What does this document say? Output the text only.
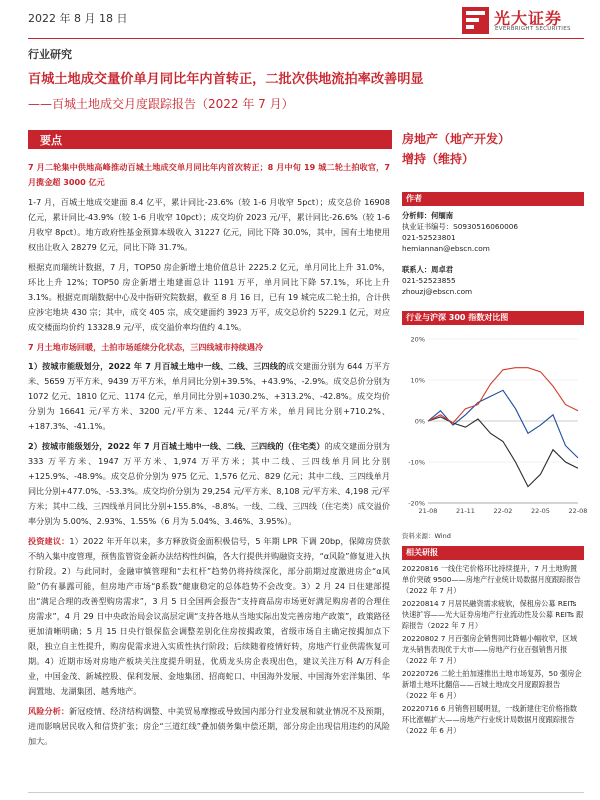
2022 年 8 月 18 日	光大证券
EVERBRIGHT SECURITIES
行业研究
百城土地成交量价单月同比年内首转正，二批次供地流拍率改善明显
——百城土地成交月度跟踪报告（2022 年 7 月）
要点

7 月二轮集中供地高峰推动百城土地成交单月同比年内首次转正；8 月中旬 19 城二轮土拍收官，7 月揽金超 3000 亿元

1-7 月，百城土地成交建面 8.4 亿平，累计同比-23.6%（较 1-6 月收窄 5pct）；成交总价 16908 亿元，累计同比-43.9%（较 1-6 月收窄 10pct）；成交均价 2023 元/平，累计同比-26.6%（较 1-6 月收窄 8pct）。地方政府性基金预算本级收入 31227 亿元，同比下降 30.0%，其中，国有土地使用权出让收入 28279 亿元，同比下降 31.7%。

根据克而瑞统计数据，7 月，TOP50 房企新增土地价值总计 2225.2 亿元，单月同比上升 31.0%，环比上升 12%；TOP50 房企新增土地建面总计 1191 万平，单月同比下降 57.1%，环比上升 3.1%。根据克而瑞数据中心及中指研究院数据，截至 8 月 16 日，已有 19 城完成二轮土拍，合计供应涉宅地块 430 宗；其中，成交 405 宗，成交建面约 3923 万平，成交总价约 5229.1 亿元，对应成交楼面均价约 13328.9 元/平，成交溢价率均值约 4.1%。

7 月土地市场回暖，土拍市场延续分化状态，三四线城市持续遇冷

1）按城市能级划分，2022 年 7 月百城土地中一线、二线、三四线的成交建面分别为 644 万平方米、5659 万平方米、9439 万平方米，单月同比分别+39.5%、+43.9%、-2.9%。成交总价分别为 1072 亿元、1810 亿元、1174 亿元，单月同比分别+1030.2%、+313.2%、-42.8%。成交均价分别为 16641 元/平方米、3200 元/平方米、1244 元/平方米，单月同比分别+710.2%、+187.3%、-41.1%。

2）按城市能级划分，2022 年 7 月百城土地中一线、二线、三四线的（住宅类）的成交建面分别为 333 万平方米、1947 万平方米、1,974 万平方米；其中二线、三四线单月同比分别+125.9%、-48.9%。成交总价分别为 975 亿元、1,576 亿元、829 亿元；其中二线、三四线单月同比分别+477.0%、-53.3%。成交均价分别为 29,254 元/平方米、8,108 元/平方米、4,198 元/平方米；其中二线、三四线单月同比分别+155.8%、-8.8%。一线、二线、三四线（住宅类）成交溢价率分别为 5.00%、2.93%、1.55%（6 月为 5.04%、3.46%、3.95%）。

投资建议：1）2022 年开年以来，多方释放资金面积极信号，5 年期 LPR 下调 20bp，保障房贷款不纳入集中度管理，预售监管资金新办法结构性纠偏，各大行提供并购融资支持，“α风险”修复进入执行阶段。2）与此同时，金融审慎管理和“去杠杆”趋势仍将持续深化，部分前期过度激进房企“α风险”仍有暴露可能，但房地产市场“β系数”健康稳定的总体趋势不会改变。3）2 月 24 日住建部提出“满足合理的改善型购房需求”，3 月 5 日全国两会报告“支持商品房市场更好满足购房者的合理住房需求”，4 月 29 日中央政治局会议高层定调“支持各地从当地实际出发完善房地产政策”，政策路径更加清晰明确；5 月 15 日央行银保监会调整差别化住房按揭政策，省级市场自主确定按揭加点下限，独立自主性提升，购房促需求进入实质性执行阶段；后续随着疫情好转，房地产行业供需恢复可期。4）近期市场对房地产板块关注度提升明显，优质龙头房企表现出色，建议关注万科 A/万科企业，中国金茂、新城控股、保利发展、金地集团、招商蛇口、中国海外发展、中国海外宏洋集团、华润置地、龙湖集团、越秀地产。

风险分析：新冠疫情、经济结构调整、中美贸易摩擦或导致国内部分行业发展和就业情况不及预期，进而影响居民收入和信贷扩张；房企“三道红线”叠加债务集中偿还期，部分房企出现信用违约的风险加大。

房地产（地产开发）
增持（维持）
作者
分析师：何缅南
执业证书编号：S0930516060006
021-52523801
hemiannan@ebscn.com
联系人：周卓君
021-52523855
zhouzj@ebscn.com
行业与沪深 300 指数对比图
20%
10%
0%
-10%
-20%
21-08	21-11	22-02	22-05	22-08
资料来源：Wind
相关研报
20220816 一线住宅价格环比持续提升，7 月土地购置单价突破 9500——房地产行业统计局数据月度跟踪报告（2022 年 7 月）
20220814 7 月居民融资需求疲软，保租房公募 REITs 快速扩容——光大证券房地产行业流动性及公募 REITs 跟踪报告（2022 年 7 月）
20220802 7 月百强房企销售同比降幅小幅收窄，区域龙头销售表现优于大市——房地产行业百强销售月报（2022 年 7 月）
20220726 二轮土拍加速推出土地市场复苏，50 强房企新增土地环比翻倍——百城土地成交月度跟踪报告（2022 年 6 月）
20220716 6 月销售回暖明显，一线新建住宅价格指数环比涨幅扩大——房地产行业统计局数据月度跟踪报告（2022 年 6 月）
